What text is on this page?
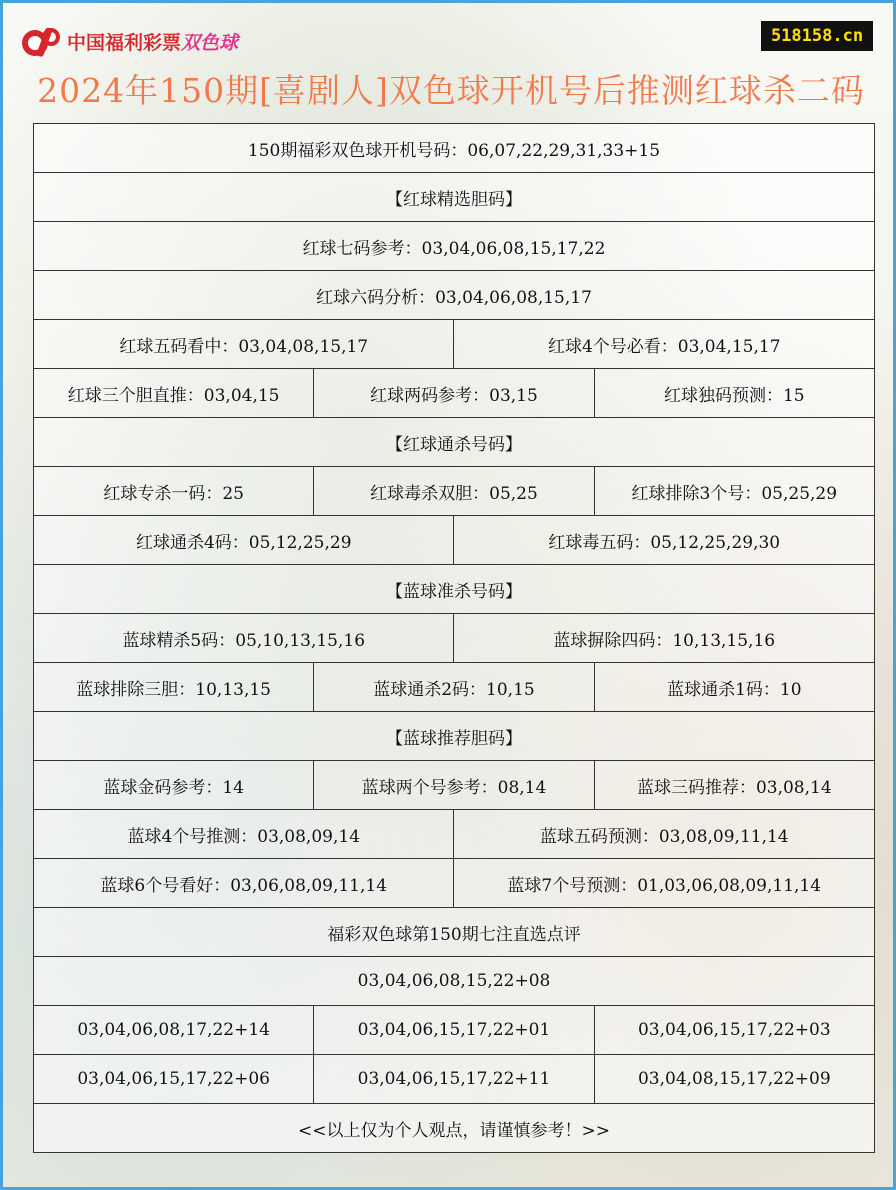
中国福利彩票双色球	518158.cn
2024年150期[喜剧人]双色球开机号后推测红球杀二码
150期福彩双色球开机号码：06,07,22,29,31,33+15			
【红球精选胆码】			
红球七码参考：03,04,06,08,15,17,22			
红球六码分析：03,04,06,08,15,17			
红球五码看中：03,04,08,15,17		红球4个号必看：03,04,15,17	
红球三个胆直推：03,04,15	红球两码参考：03,15		红球独码预测：15
【红球通杀号码】			
红球专杀一码：25	红球毒杀双胆：05,25		红球排除3个号：05,25,29
红球通杀4码：05,12,25,29		红球毒五码：05,12,25,29,30	
【蓝球准杀号码】			
蓝球精杀5码：05,10,13,15,16		蓝球摒除四码：10,13,15,16	
蓝球排除三胆：10,13,15	蓝球通杀2码：10,15		蓝球通杀1码：10
【蓝球推荐胆码】			
蓝球金码参考：14	蓝球两个号参考：08,14		蓝球三码推荐：03,08,14
蓝球4个号推测：03,08,09,14		蓝球五码预测：03,08,09,11,14	
蓝球6个号看好：03,06,08,09,11,14		蓝球7个号预测：01,03,06,08,09,11,14	
福彩双色球第150期七注直选点评			
03,04,06,08,15,22+08			
03,04,06,08,17,22+14	03,04,06,15,17,22+01		03,04,06,15,17,22+03
03,04,06,15,17,22+06	03,04,06,15,17,22+11		03,04,08,15,17,22+09
<<以上仅为个人观点，请谨慎参考！>>			
